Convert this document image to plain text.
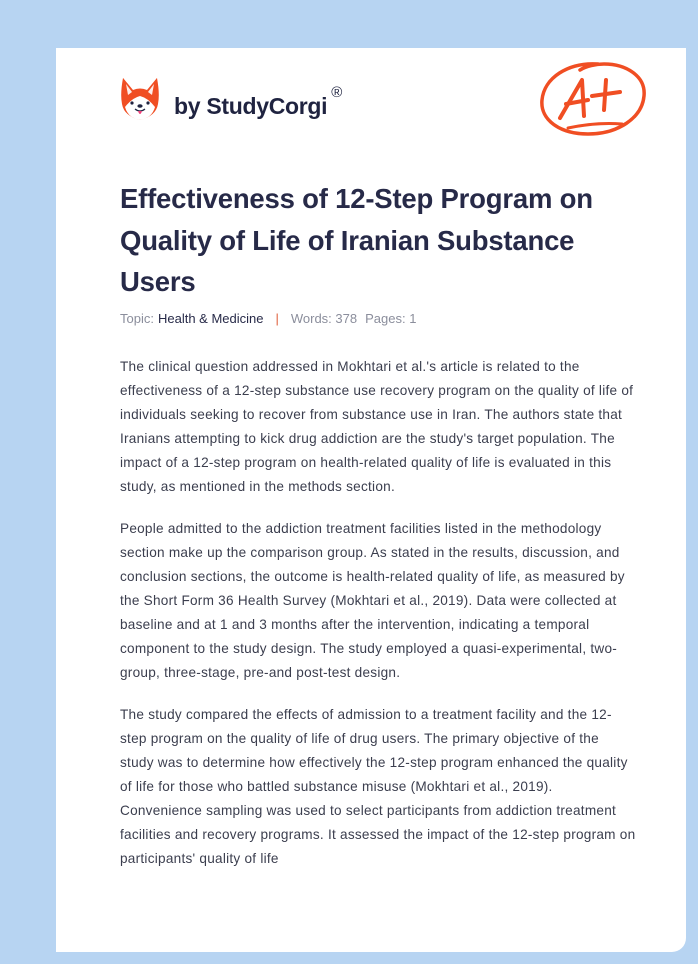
by StudyCorgi
®
Effectiveness of 12-Step Program on Quality of Life of Iranian Substance Users
Topic: Health & Medicine | Words: 378 Pages: 1

The clinical question addressed in Mokhtari et al.'s article is related to the effectiveness of a 12-step substance use recovery program on the quality of life of individuals seeking to recover from substance use in Iran. The authors state that Iranians attempting to kick drug addiction are the study's target population. The impact of a 12-step program on health-related quality of life is evaluated in this study, as mentioned in the methods section.

People admitted to the addiction treatment facilities listed in the methodology section make up the comparison group. As stated in the results, discussion, and conclusion sections, the outcome is health-related quality of life, as measured by the Short Form 36 Health Survey (Mokhtari et al., 2019). Data were collected at baseline and at 1 and 3 months after the intervention, indicating a temporal component to the study design. The study employed a quasi-experimental, two-group, three-stage, pre-and post-test design.

The study compared the effects of admission to a treatment facility and the 12-step program on the quality of life of drug users. The primary objective of the study was to determine how effectively the 12-step program enhanced the quality of life for those who battled substance misuse (Mokhtari et al., 2019). Convenience sampling was used to select participants from addiction treatment facilities and recovery programs. It assessed the impact of the 12-step program on participants' quality of life
